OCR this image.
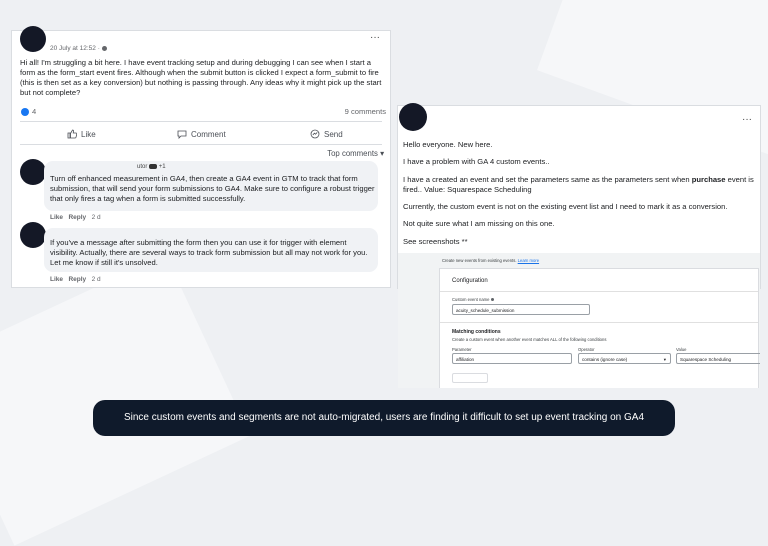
20 July at 12:52 ·
···
Hi all! I'm struggling a bit here. I have event tracking setup and during debugging I can see when I start a form as the form_start event fires. Although when the submit button is clicked I expect a form_submit to fire (this is then set as a key conversion) but nothing is passing through. Any ideas why it might pick up the start but not complete?
4	9 comments
Like	Comment	Send
Top comments ▾
utor +1
Turn off enhanced measurement in GA4, then create a GA4 event in GTM to track that form submission, that will send your form submissions to GA4. Make sure to configure a robust trigger that only fires a tag when a form is submitted successfully.
Like Reply 2 d
If you've a message after submitting the form then you can use it for trigger with element visibility. Actually, there are several ways to track form submission but all may not work for you. Let me know if still it's unsolved.
Like Reply 2 d
···
Hello everyone. New here.
I have a problem with GA 4 custom events..
I have a created an event and set the parameters same as the parameters sent when purchase event is fired.. Value: Squarespace Scheduling
Currently, the custom event is not on the existing event list and I need to mark it as a conversion.
Not quite sure what I am missing on this one.
See screenshots **
Create new events from existing events. Learn more
Configuration
Custom event name
acuity_schedule_submission
Matching conditions
Create a custom event when another event matches ALL of the following conditions
Parameter
affiliation
Operator
contains (ignore case)	▾
Value
Squarespace Scheduling
Since custom events and segments are not auto-migrated, users are finding it difficult to set up event tracking on GA4
